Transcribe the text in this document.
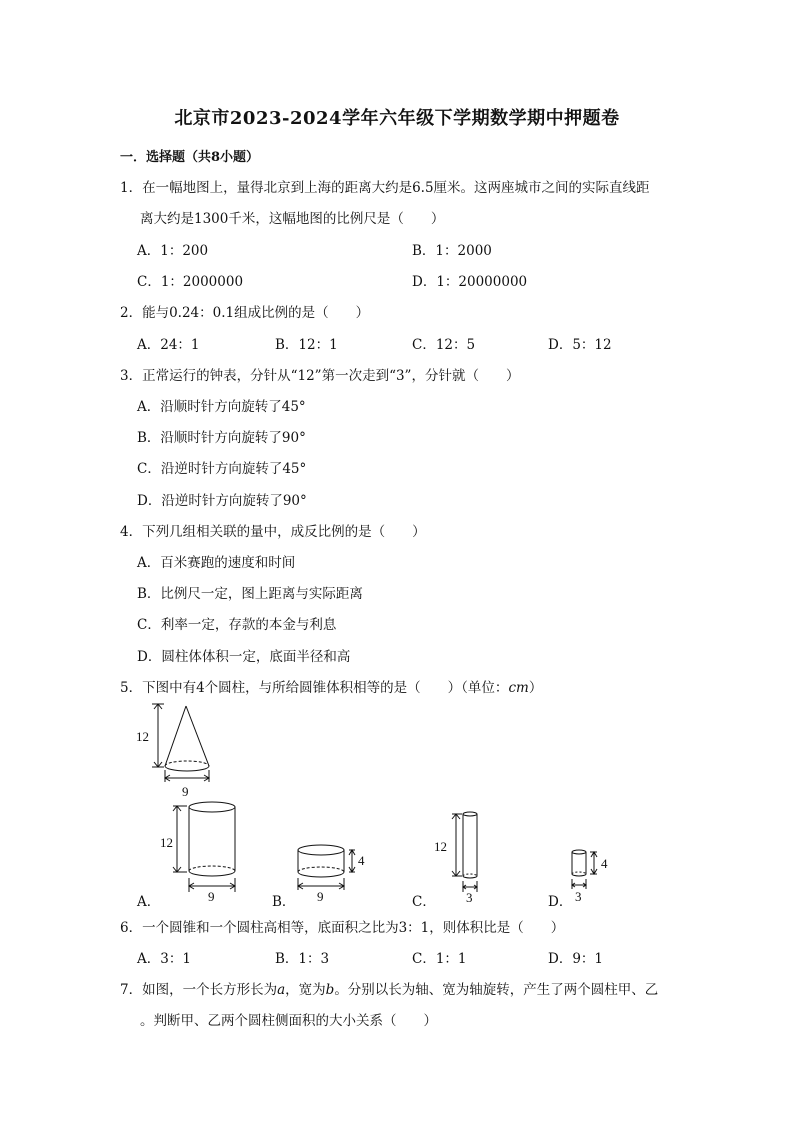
北京市2023-2024学年六年级下学期数学期中押题卷
一．选择题（共8小题）
1．在一幅地图上，量得北京到上海的距离大约是6.5厘米。这两座城市之间的实际直线距
离大约是1300千米，这幅地图的比例尺是（　　）
A．1：200	B．1：2000
C．1：2000000	D．1：20000000
2．能与0.24：0.1组成比例的是（　　）
A．24：1	B．12：1	C．12：5	D．5：12
3．正常运行的钟表，分针从“12”第一次走到“3”，分针就（　　）
A．沿顺时针方向旋转了45°
B．沿顺时针方向旋转了90°
C．沿逆时针方向旋转了45°
D．沿逆时针方向旋转了90°
4．下列几组相关联的量中，成反比例的是（　　）
A．百米赛跑的速度和时间
B．比例尺一定，图上距离与实际距离
C．利率一定，存款的本金与利息
D．圆柱体体积一定，底面半径和高
5．下图中有4个圆柱，与所给圆锥体积相等的是（　　）（单位：cm）
12
9
A．
12
9	B．
4
9	C．
12
3	D．
4
3
6．一个圆锥和一个圆柱高相等，底面积之比为3：1，则体积比是（　　）
A．3：1	B．1：3	C．1：1	D．9：1
7．如图，一个长方形长为a，宽为b。分别以长为轴、宽为轴旋转，产生了两个圆柱甲、乙
。判断甲、乙两个圆柱侧面积的大小关系（　　）
